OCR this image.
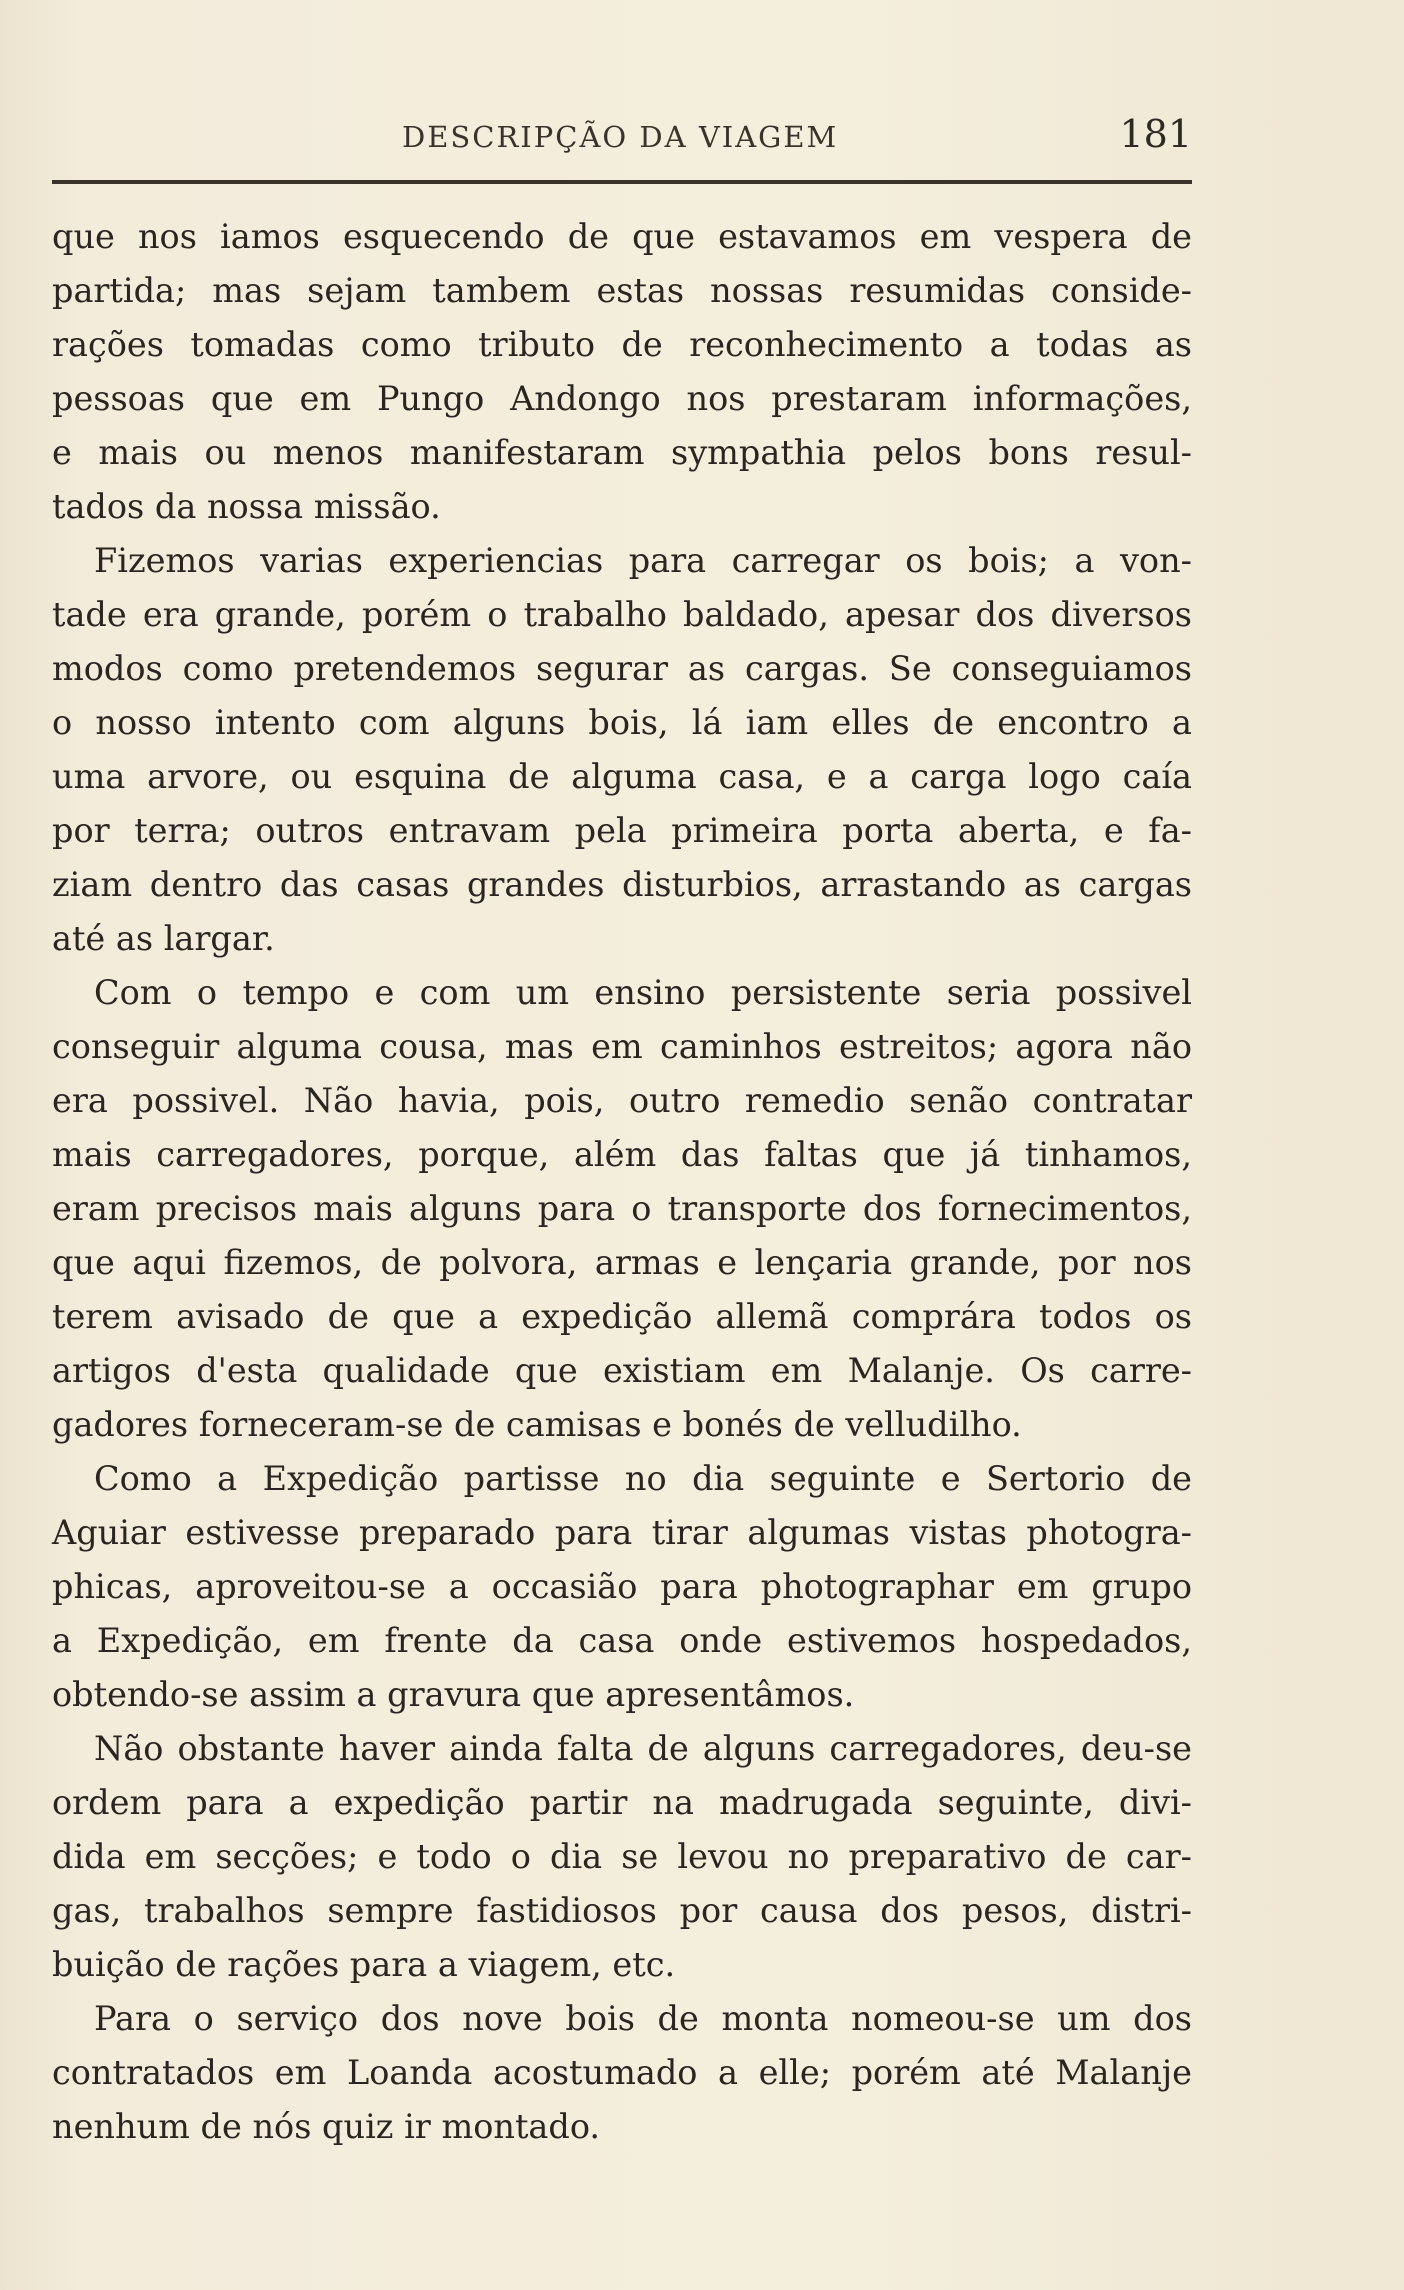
DESCRIPÇÃO DA VIAGEM	181
que nos iamos esquecendo de que estavamos em vespera de
partida; mas sejam tambem estas nossas resumidas conside-
rações tomadas como tributo de reconhecimento a todas as
pessoas que em Pungo Andongo nos prestaram informações,
e mais ou menos manifestaram sympathia pelos bons resul-
tados da nossa missão.
Fizemos varias experiencias para carregar os bois; a von-
tade era grande, porém o trabalho baldado, apesar dos diversos
modos como pretendemos segurar as cargas. Se conseguiamos
o nosso intento com alguns bois, lá iam elles de encontro a
uma arvore, ou esquina de alguma casa, e a carga logo caía
por terra; outros entravam pela primeira porta aberta, e fa-
ziam dentro das casas grandes disturbios, arrastando as cargas
até as largar.
Com o tempo e com um ensino persistente seria possivel
conseguir alguma cousa, mas em caminhos estreitos; agora não
era possivel. Não havia, pois, outro remedio senão contratar
mais carregadores, porque, além das faltas que já tinhamos,
eram precisos mais alguns para o transporte dos fornecimentos,
que aqui fizemos, de polvora, armas e lençaria grande, por nos
terem avisado de que a expedição allemã comprára todos os
artigos d'esta qualidade que existiam em Malanje. Os carre-
gadores forneceram-se de camisas e bonés de velludilho.
Como a Expedição partisse no dia seguinte e Sertorio de
Aguiar estivesse preparado para tirar algumas vistas photogra-
phicas, aproveitou-se a occasião para photographar em grupo
a Expedição, em frente da casa onde estivemos hospedados,
obtendo-se assim a gravura que apresentâmos.
Não obstante haver ainda falta de alguns carregadores, deu-se
ordem para a expedição partir na madrugada seguinte, divi-
dida em secções; e todo o dia se levou no preparativo de car-
gas, trabalhos sempre fastidiosos por causa dos pesos, distri-
buição de rações para a viagem, etc.
Para o serviço dos nove bois de monta nomeou-se um dos
contratados em Loanda acostumado a elle; porém até Malanje
nenhum de nós quiz ir montado.
